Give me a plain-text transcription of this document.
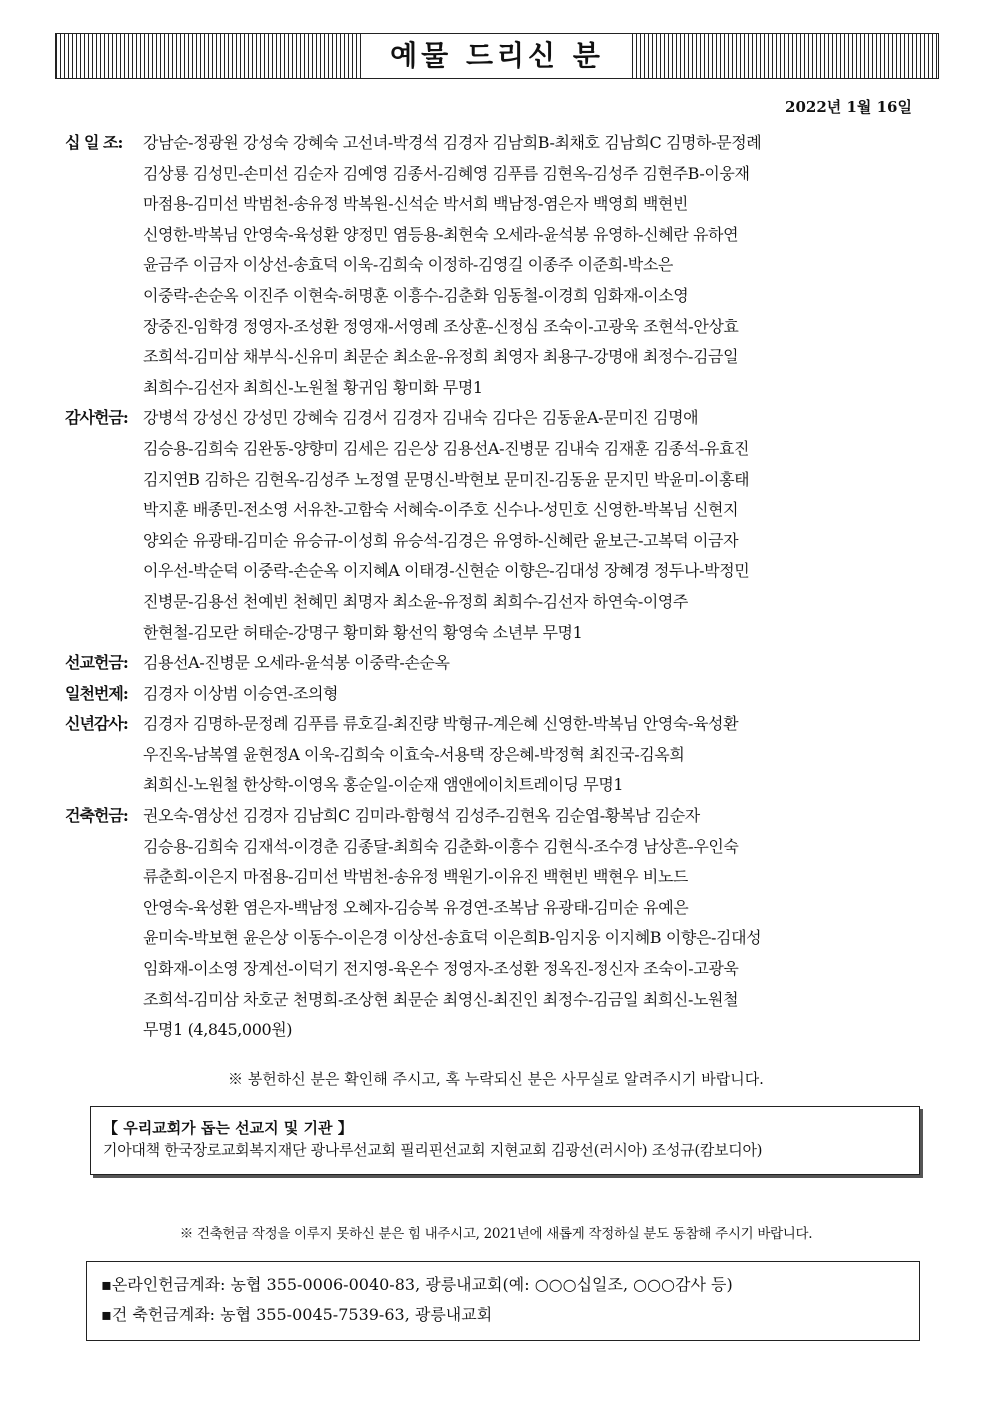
예물 드리신 분
2022년 1월 16일
십 일 조:	강남순-정광원 강성숙 강혜숙 고선녀-박경석 김경자 김남희B-최채호 김남희C 김명하-문정례
김상룡 김성민-손미선 김순자 김예영 김종서-김혜영 김푸름 김현옥-김성주 김현주B-이웅재
마점용-김미선 박범천-송유정 박복원-신석순 박서희 백남정-염은자 백영희 백현빈
신영한-박복님 안영숙-육성환 양정민 염등용-최현숙 오세라-윤석봉 유영하-신혜란 유하연
윤금주 이금자 이상선-송효덕 이욱-김희숙 이정하-김영길 이종주 이준희-박소은
이중락-손순옥 이진주 이현숙-허명훈 이흥수-김춘화 임동철-이경희 임화재-이소영
장중진-임학경 정영자-조성환 정영재-서영례 조상훈-신정심 조숙이-고광욱 조현석-안상효
조희석-김미삼 채부식-신유미 최문순 최소윤-유정희 최영자 최용구-강명애 최정수-김금일
최희수-김선자 최희신-노원철 황귀임 황미화 무명1
감사헌금: 강병석 강성신 강성민 강혜숙 김경서 김경자 김내숙 김다은 김동윤A-문미진 김명애
김승용-김희숙 김완동-양향미 김세은 김은상 김용선A-진병문 김내숙 김재훈 김종석-유효진
김지연B 김하은 김현옥-김성주 노정열 문명신-박현보 문미진-김동윤 문지민 박윤미-이홍태
박지훈 배종민-전소영 서유찬-고함숙 서혜숙-이주호 신수나-성민호 신영한-박복님 신현지
양외순 유광태-김미순 유승규-이성희 유승석-김경은 유영하-신혜란 윤보근-고복덕 이금자
이우선-박순덕 이중락-손순옥 이지혜A 이태경-신현순 이향은-김대성 장혜경 정두나-박정민
진병문-김용선 천예빈 천혜민 최명자 최소윤-유정희 최희수-김선자 하연숙-이영주
한현철-김모란 허태순-강명구 황미화 황선익 황영숙 소년부 무명1
선교헌금: 김용선A-진병문 오세라-윤석봉 이중락-손순옥
일천번제: 김경자 이상범 이승연-조의형
신년감사: 김경자 김명하-문정례 김푸름 류호길-최진량 박형규-계은혜 신영한-박복님 안영숙-육성환
우진옥-남복열 윤현정A 이욱-김희숙 이효숙-서용택 장은혜-박정혁 최진국-김옥희
최희신-노원철 한상학-이영옥 홍순일-이순재 앰앤에이치트레이딩 무명1
건축헌금: 권오숙-염상선 김경자 김남희C 김미라-함형석 김성주-김현옥 김순엽-황복남 김순자
김승용-김희숙 김재석-이경춘 김종달-최희숙 김춘화-이흥수 김현식-조수경 남상흔-우인숙
류춘희-이은지 마점용-김미선 박범천-송유정 백원기-이유진 백현빈 백현우 비노드
안영숙-육성환 염은자-백남정 오혜자-김승복 유경연-조복남 유광태-김미순 유예은
윤미숙-박보현 윤은상 이동수-이은경 이상선-송효덕 이은희B-임지웅 이지혜B 이향은-김대성
임화재-이소영 장계선-이덕기 전지영-육온수 정영자-조성환 정옥진-정신자 조숙이-고광욱
조희석-김미삼 차호군 천명희-조상현 최문순 최영신-최진인 최정수-김금일 최희신-노원철
무명1 (4,845,000원)
※ 봉헌하신 분은 확인해 주시고, 혹 누락되신 분은 사무실로 알려주시기 바랍니다.
【 우리교회가 돕는 선교지 및 기관 】
기아대책 한국장로교회복지재단 광나루선교회 필리핀선교회 지현교회 김광선(러시아) 조성규(캄보디아)
※ 건축헌금 작정을 이루지 못하신 분은 힘 내주시고, 2021년에 새롭게 작정하실 분도 동참해 주시기 바랍니다.
▪온라인헌금계좌: 농협 355-0006-0040-83, 광릉내교회(예: ○○○십일조, ○○○감사 등)
▪건 축헌금계좌: 농협 355-0045-7539-63, 광릉내교회
